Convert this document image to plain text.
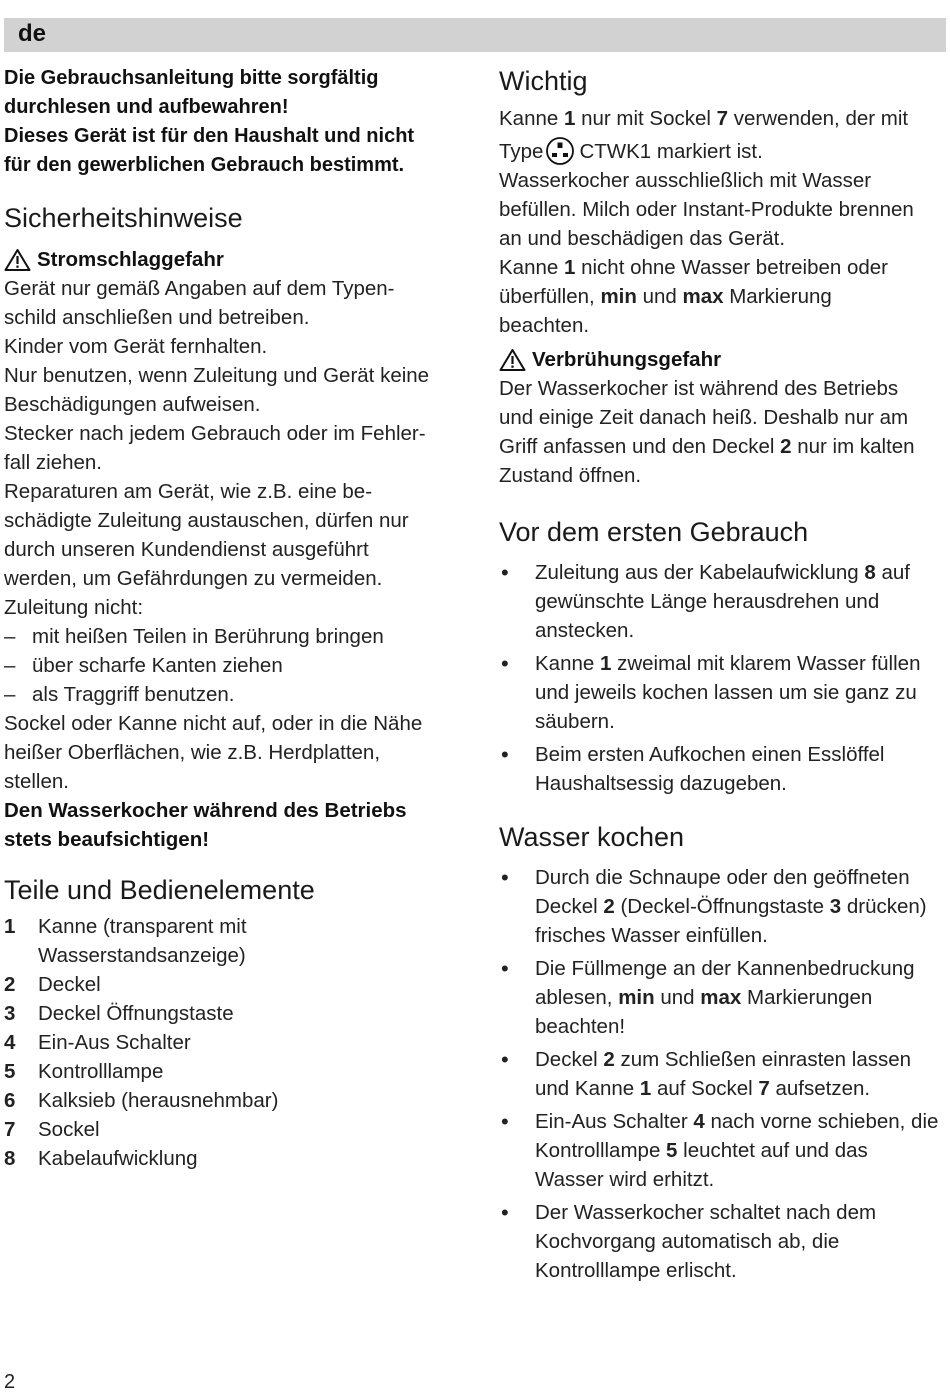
de
Die Gebrauchsanleitung bitte sorgfältig
durchlesen und aufbewahren!
Dieses Gerät ist für den Haushalt und nicht
für den gewerblichen Gebrauch bestimmt.
Sicherheitshinweise
Stromschlaggefahr

Gerät nur gemäß Angaben auf dem Typen-

schild anschließen und betreiben.

Kinder vom Gerät fernhalten.

Nur benutzen, wenn Zuleitung und Gerät keine

Beschädigungen aufweisen.

Stecker nach jedem Gebrauch oder im Fehler-

fall ziehen.

Reparaturen am Gerät, wie z.B. eine be-

schädigte Zuleitung austauschen, dürfen nur

durch unseren Kundendienst ausgeführt

werden, um Gefährdungen zu vermeiden.

Zuleitung nicht:

– mit heißen Teilen in Berührung bringen

– über scharfe Kanten ziehen

– als Traggriff benutzen.

Sockel oder Kanne nicht auf, oder in die Nähe

heißer Oberflächen, wie z.B. Herdplatten,

stellen.

Den Wasserkocher während des Betriebs

stets beaufsichtigen!

Teile und Bedienelemente
1	Kanne (transparent mit
Wasserstandsanzeige)
2	Deckel
3	Deckel Öffnungstaste
4	Ein-Aus Schalter
5	Kontrolllampe
6	Kalksieb (herausnehmbar)
7	Sockel
8	Kabelaufwicklung
Wichtig

Kanne 1 nur mit Sockel 7 verwenden, der mit

Type CTWK1 markiert ist.

Wasserkocher ausschließlich mit Wasser

befüllen. Milch oder Instant-Produkte brennen

an und beschädigen das Gerät.

Kanne 1 nicht ohne Wasser betreiben oder

überfüllen, min und max Markierung

beachten.

Verbrühungsgefahr

Der Wasserkocher ist während des Betriebs

und einige Zeit danach heiß. Deshalb nur am

Griff anfassen und den Deckel 2 nur im kalten

Zustand öffnen.

Vor dem ersten Gebrauch
• Zuleitung aus der Kabelaufwicklung 8 auf gewünschte Länge herausdrehen und anstecken.
• Kanne 1 zweimal mit klarem Wasser füllen und jeweils kochen lassen um sie ganz zu säubern.
• Beim ersten Aufkochen einen Esslöffel Haushaltsessig dazugeben.
Wasser kochen
• Durch die Schnaupe oder den geöffneten Deckel 2 (Deckel-Öffnungstaste 3 drücken) frisches Wasser einfüllen.
• Die Füllmenge an der Kannenbedruckung ablesen, min und max Markierungen beachten!
• Deckel 2 zum Schließen einrasten lassen und Kanne 1 auf Sockel 7 aufsetzen.
• Ein-Aus Schalter 4 nach vorne schieben, die Kontrolllampe 5 leuchtet auf und das Wasser wird erhitzt.
• Der Wasserkocher schaltet nach dem Kochvorgang automatisch ab, die Kontrolllampe erlischt.
2
